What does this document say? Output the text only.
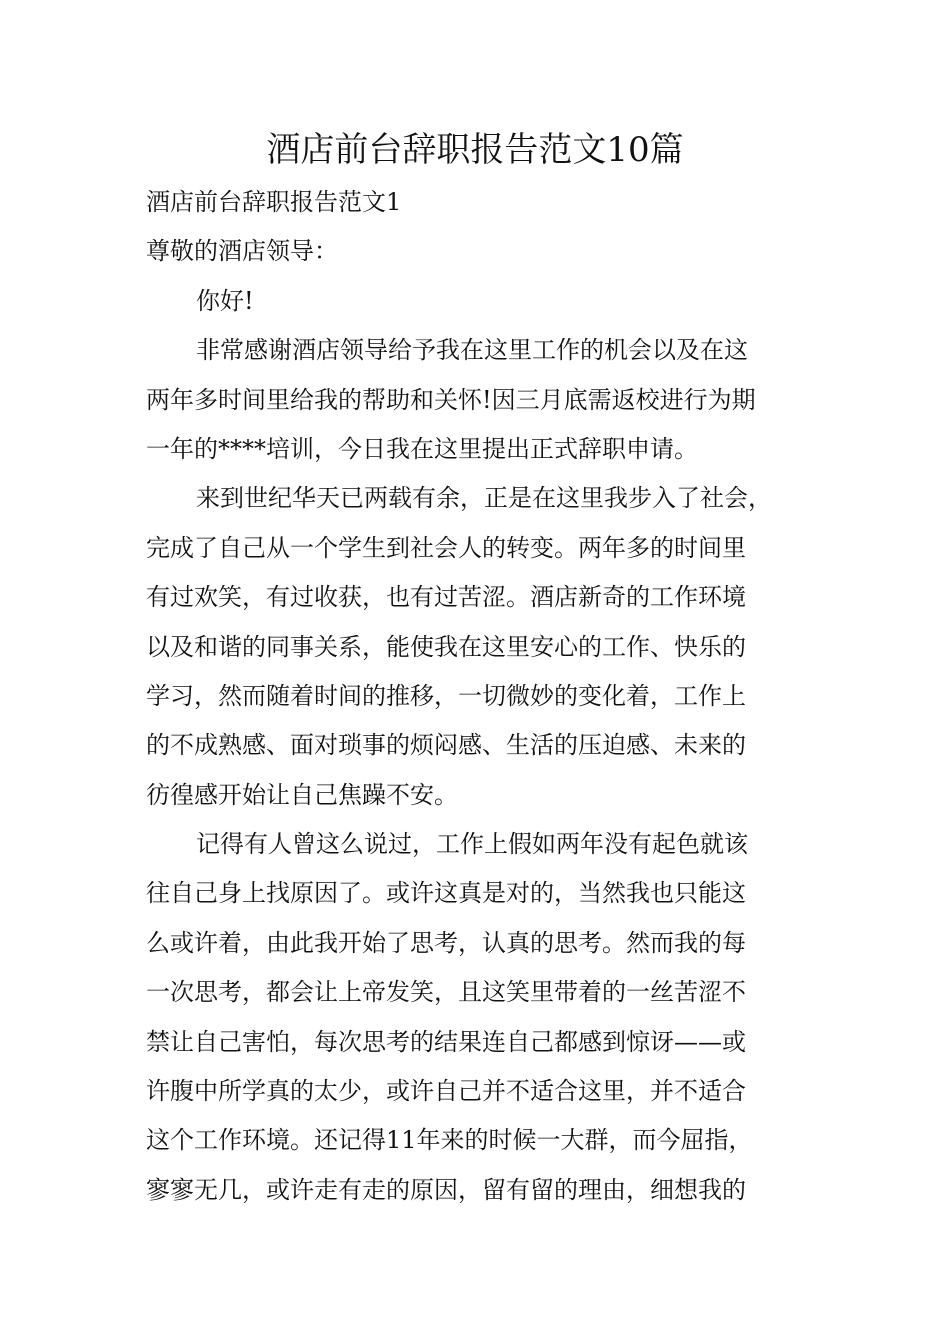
酒店前台辞职报告范文10篇
酒店前台辞职报告范文1
尊敬的酒店领导：
你好!
非常感谢酒店领导给予我在这里工作的机会以及在这
两年多时间里给我的帮助和关怀!因三月底需返校进行为期
一年的****培训，今日我在这里提出正式辞职申请。
来到世纪华天已两载有余，正是在这里我步入了社会，
完成了自己从一个学生到社会人的转变。两年多的时间里
有过欢笑，有过收获，也有过苦涩。酒店新奇的工作环境
以及和谐的同事关系，能使我在这里安心的工作、快乐的
学习，然而随着时间的推移，一切微妙的变化着，工作上
的不成熟感、面对琐事的烦闷感、生活的压迫感、未来的
彷徨感开始让自己焦躁不安。
记得有人曾这么说过，工作上假如两年没有起色就该
往自己身上找原因了。或许这真是对的，当然我也只能这
么或许着，由此我开始了思考，认真的思考。然而我的每
一次思考，都会让上帝发笑，且这笑里带着的一丝苦涩不
禁让自己害怕，每次思考的结果连自己都感到惊讶——或
许腹中所学真的太少，或许自己并不适合这里，并不适合
这个工作环境。还记得11年来的时候一大群，而今屈指，
寥寥无几，或许走有走的原因，留有留的理由，细想我的
